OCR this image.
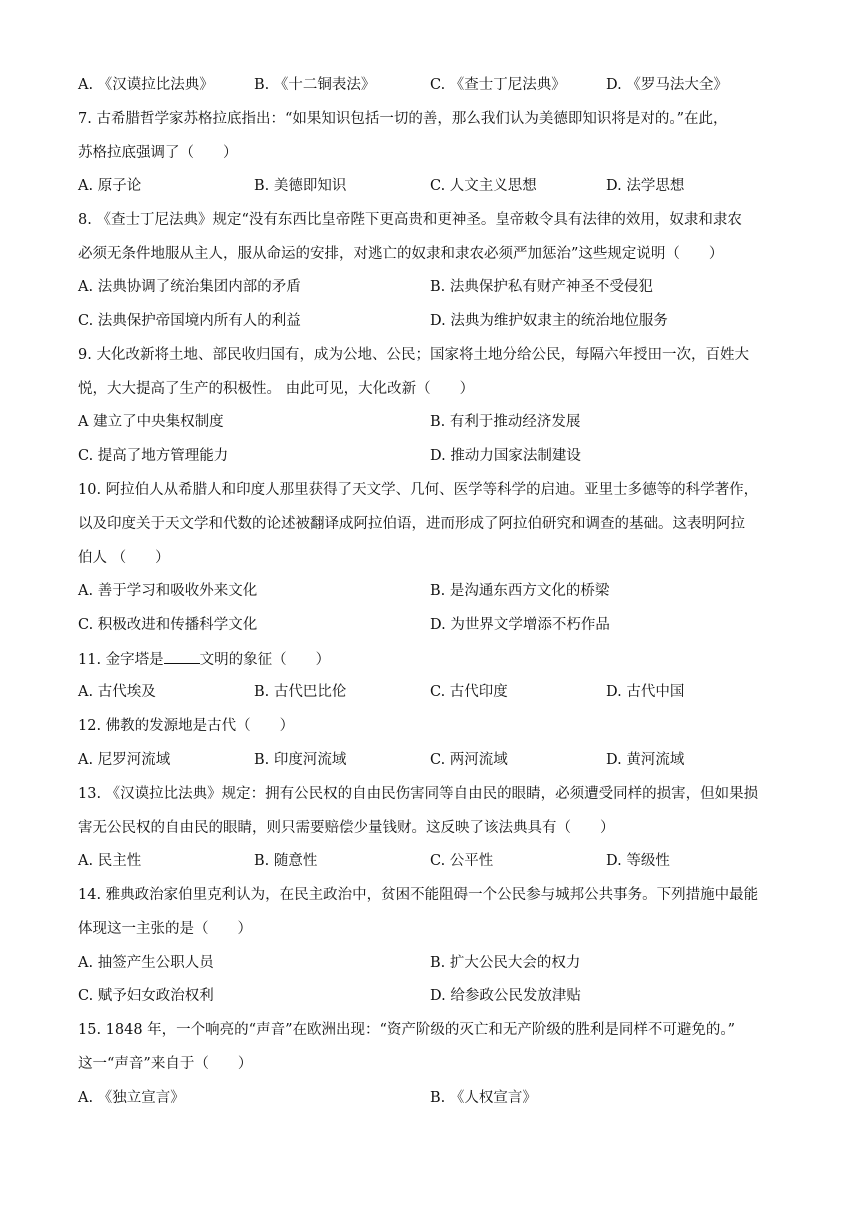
A. 《汉谟拉比法典》	B. 《十二铜表法》	C. 《查士丁尼法典》	D. 《罗马法大全》
7. 古希腊哲学家苏格拉底指出：“如果知识包括一切的善，那么我们认为美德即知识将是对的。”在此，
苏格拉底强调了（　　）
A. 原子论	B. 美德即知识	C. 人文主义思想	D. 法学思想
8. 《查士丁尼法典》规定“没有东西比皇帝陛下更高贵和更神圣。皇帝敕令具有法律的效用，奴隶和隶农
必须无条件地服从主人，服从命运的安排，对逃亡的奴隶和隶农必须严加惩治”这些规定说明（　　）
A. 法典协调了统治集团内部的矛盾	B. 法典保护私有财产神圣不受侵犯
C. 法典保护帝国境内所有人的利益	D. 法典为维护奴隶主的统治地位服务
9. 大化改新将土地、部民收归国有，成为公地、公民；国家将土地分给公民，每隔六年授田一次，百姓大
悦，大大提高了生产的积极性。 由此可见，大化改新（　　）
A 建立了中央集权制度	B. 有利于推动经济发展
C. 提高了地方管理能力	D. 推动力国家法制建设
10. 阿拉伯人从希腊人和印度人那里获得了天文学、几何、医学等科学的启迪。亚里士多德等的科学著作，
以及印度关于天文学和代数的论述被翻译成阿拉伯语，进而形成了阿拉伯研究和调查的基础。这表明阿拉
伯人 （　　）
A. 善于学习和吸收外来文化	B. 是沟通东西方文化的桥梁
C. 积极改进和传播科学文化	D. 为世界文学增添不朽作品
11. 金字塔是 文明的象征（　　）
A. 古代埃及	B. 古代巴比伦	C. 古代印度	D. 古代中国
12. 佛教的发源地是古代（　　）
A. 尼罗河流域	B. 印度河流域	C. 两河流域	D. 黄河流域
13. 《汉谟拉比法典》规定：拥有公民权的自由民伤害同等自由民的眼睛，必须遭受同样的损害，但如果损
害无公民权的自由民的眼睛，则只需要赔偿少量钱财。这反映了该法典具有（　　）
A. 民主性	B. 随意性	C. 公平性	D. 等级性
14. 雅典政治家伯里克利认为，在民主政治中，贫困不能阻碍一个公民参与城邦公共事务。下列措施中最能
体现这一主张的是（　　）
A. 抽签产生公职人员	B. 扩大公民大会的权力
C. 赋予妇女政治权利	D. 给参政公民发放津贴
15. 1848 年，一个响亮的“声音”在欧洲出现：“资产阶级的灭亡和无产阶级的胜利是同样不可避免的。”
这一“声音”来自于（　　）
A. 《独立宣言》	B. 《人权宣言》
